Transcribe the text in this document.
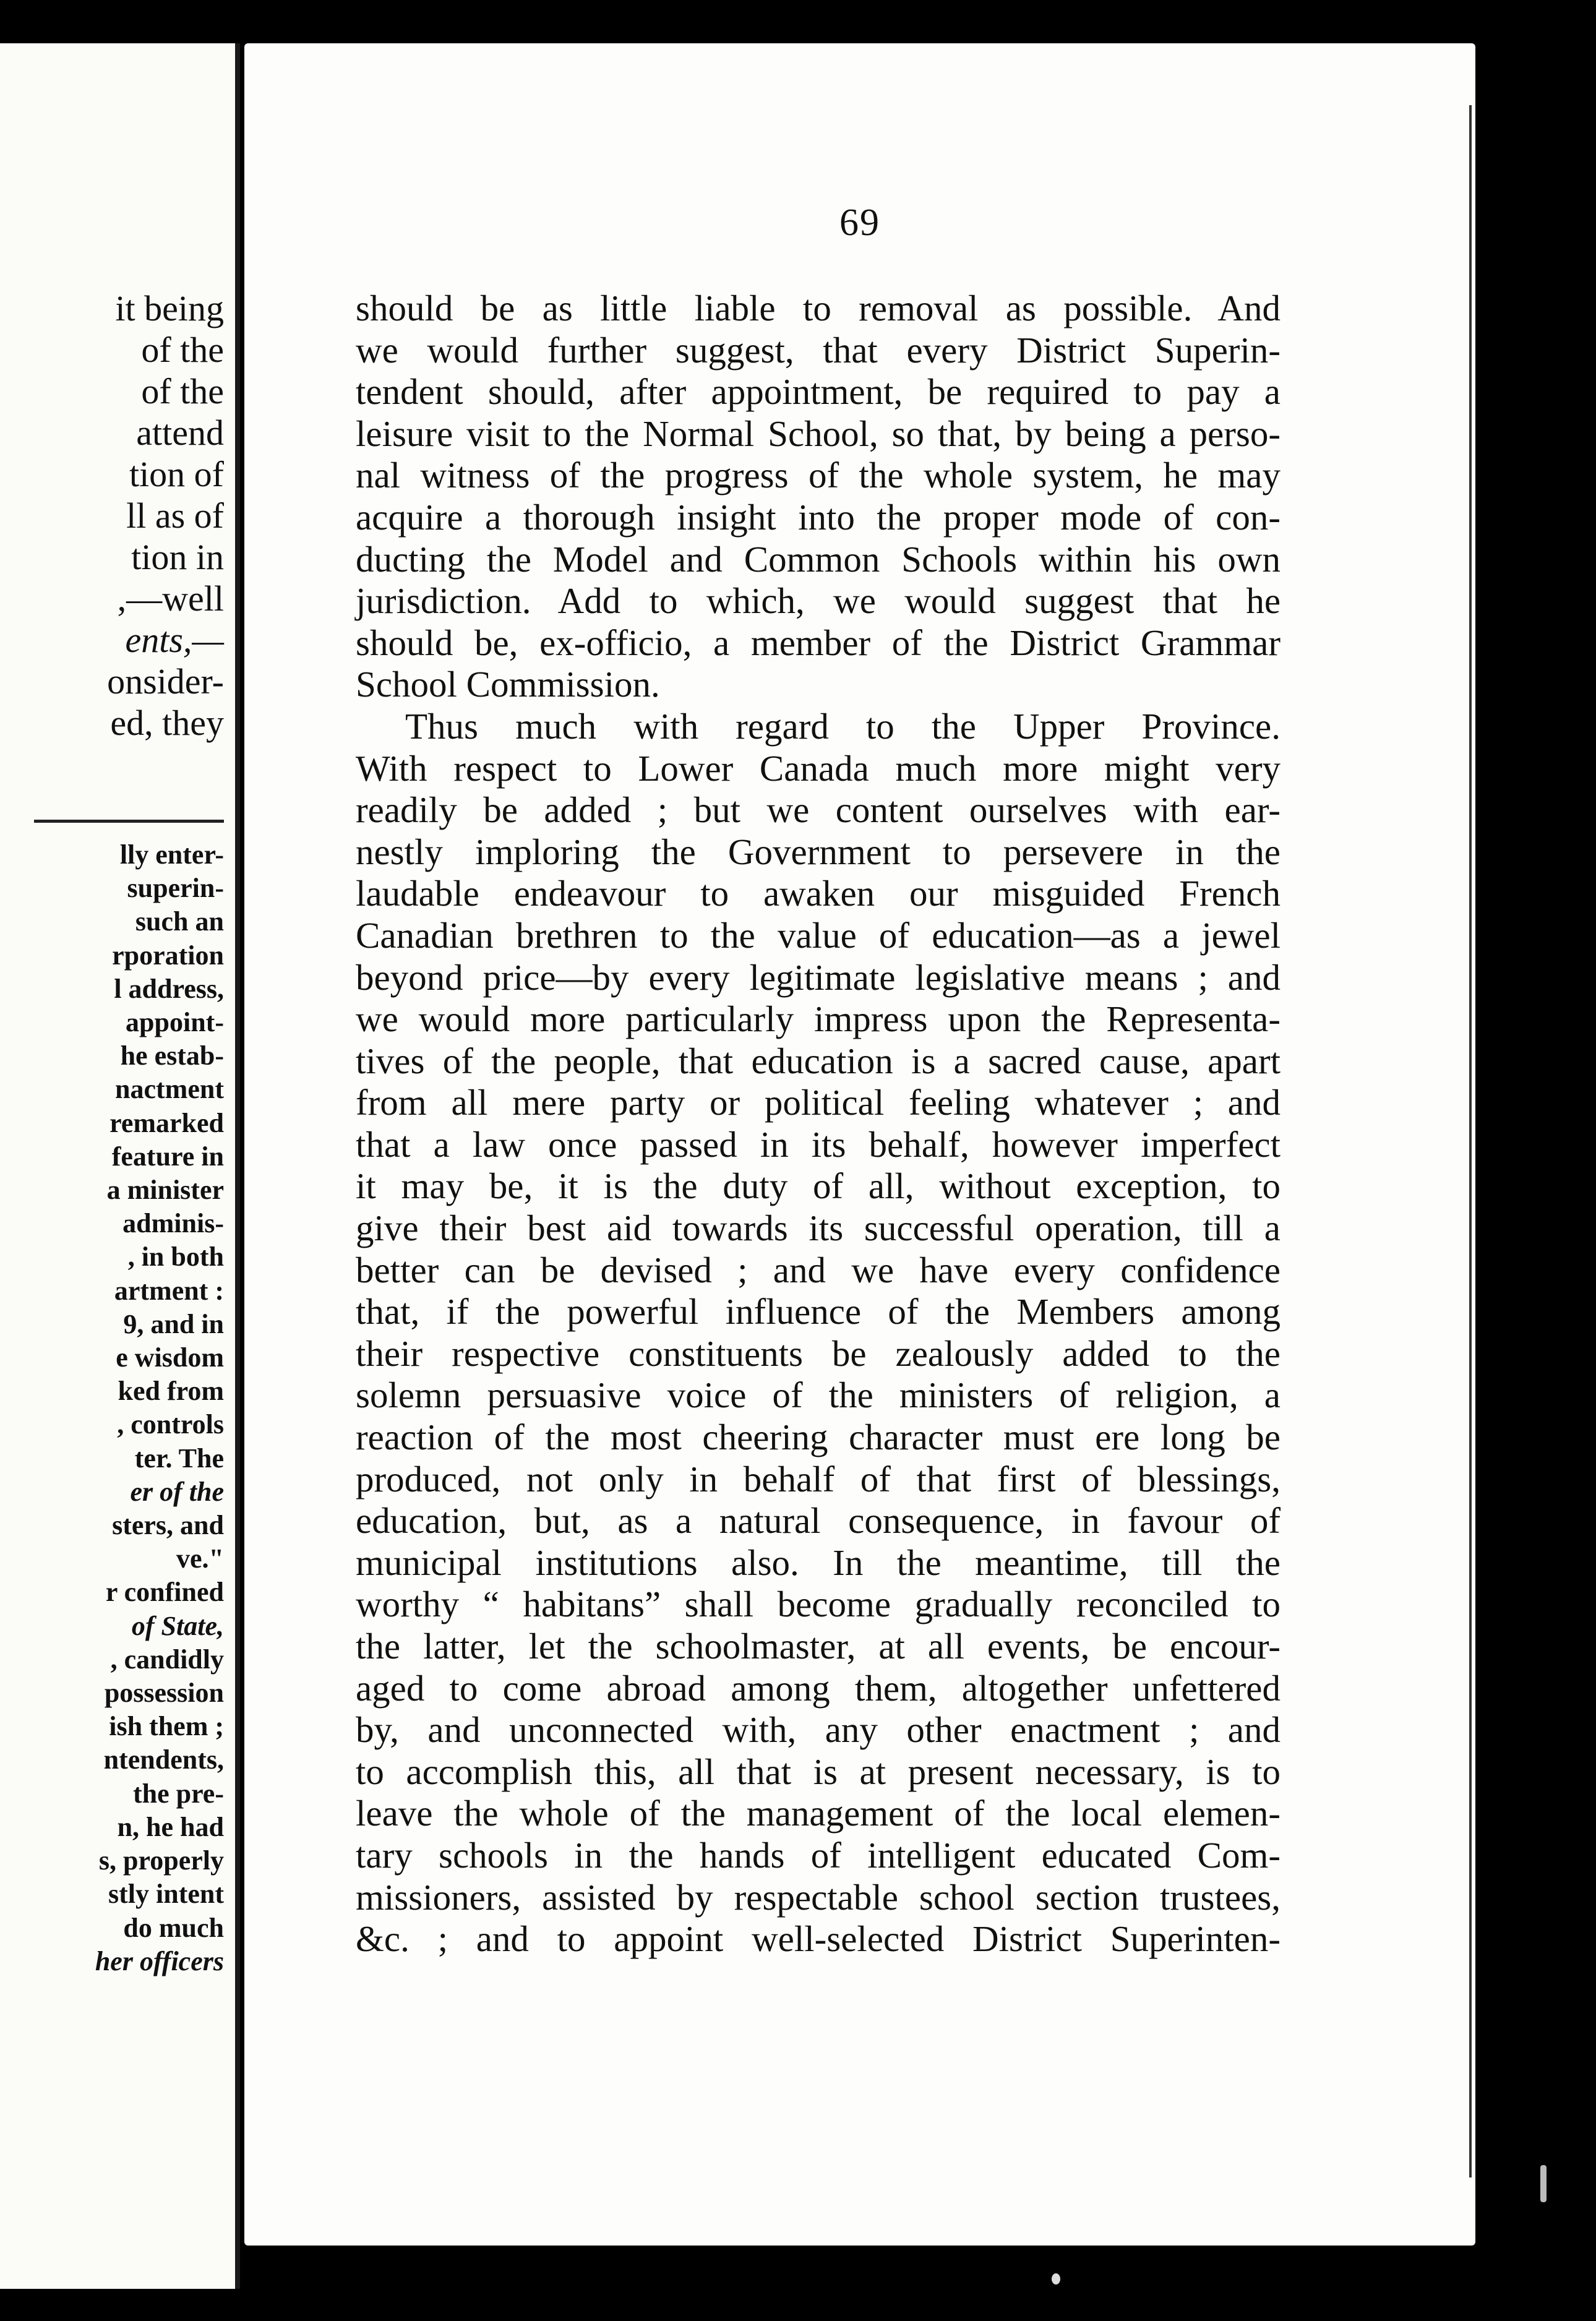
it being
of the
of the
attend
tion of
ll as of
tion in
,—well
ents,—
onsider-
ed, they
lly enter-
superin-
such an
rporation
l address,
appoint-
he estab-
nactment
remarked
feature in
a minister
adminis-
, in both
artment :
9, and in
e wisdom
ked from
, controls
ter. The
er of the
sters, and
ve."
r confined
of State,
, candidly
possession
ish them ;
ntendents,
the pre-
n, he had
s, properly
stly intent
do much
her officers
69
should be as little liable to removal as possible. And
we would further suggest, that every District Superin-
tendent should, after appointment, be required to pay a
leisure visit to the Normal School, so that, by being a perso-
nal witness of the progress of the whole system, he may
acquire a thorough insight into the proper mode of con-
ducting the Model and Common Schools within his own
jurisdiction. Add to which, we would suggest that he
should be, ex-officio, a member of the District Grammar
School Commission.
Thus much with regard to the Upper Province.
With respect to Lower Canada much more might very
readily be added ; but we content ourselves with ear-
nestly imploring the Government to persevere in the
laudable endeavour to awaken our misguided French
Canadian brethren to the value of education—as a jewel
beyond price—by every legitimate legislative means ; and
we would more particularly impress upon the Representa-
tives of the people, that education is a sacred cause, apart
from all mere party or political feeling whatever ; and
that a law once passed in its behalf, however imperfect
it may be, it is the duty of all, without exception, to
give their best aid towards its successful operation, till a
better can be devised ; and we have every confidence
that, if the powerful influence of the Members among
their respective constituents be zealously added to the
solemn persuasive voice of the ministers of religion, a
reaction of the most cheering character must ere long be
produced, not only in behalf of that first of blessings,
education, but, as a natural consequence, in favour of
municipal institutions also. In the meantime, till the
worthy “ habitans” shall become gradually reconciled to
the latter, let the schoolmaster, at all events, be encour-
aged to come abroad among them, altogether unfettered
by, and unconnected with, any other enactment ; and
to accomplish this, all that is at present necessary, is to
leave the whole of the management of the local elemen-
tary schools in the hands of intelligent educated Com-
missioners, assisted by respectable school section trustees,
&c. ; and to appoint well-selected District Superinten-
